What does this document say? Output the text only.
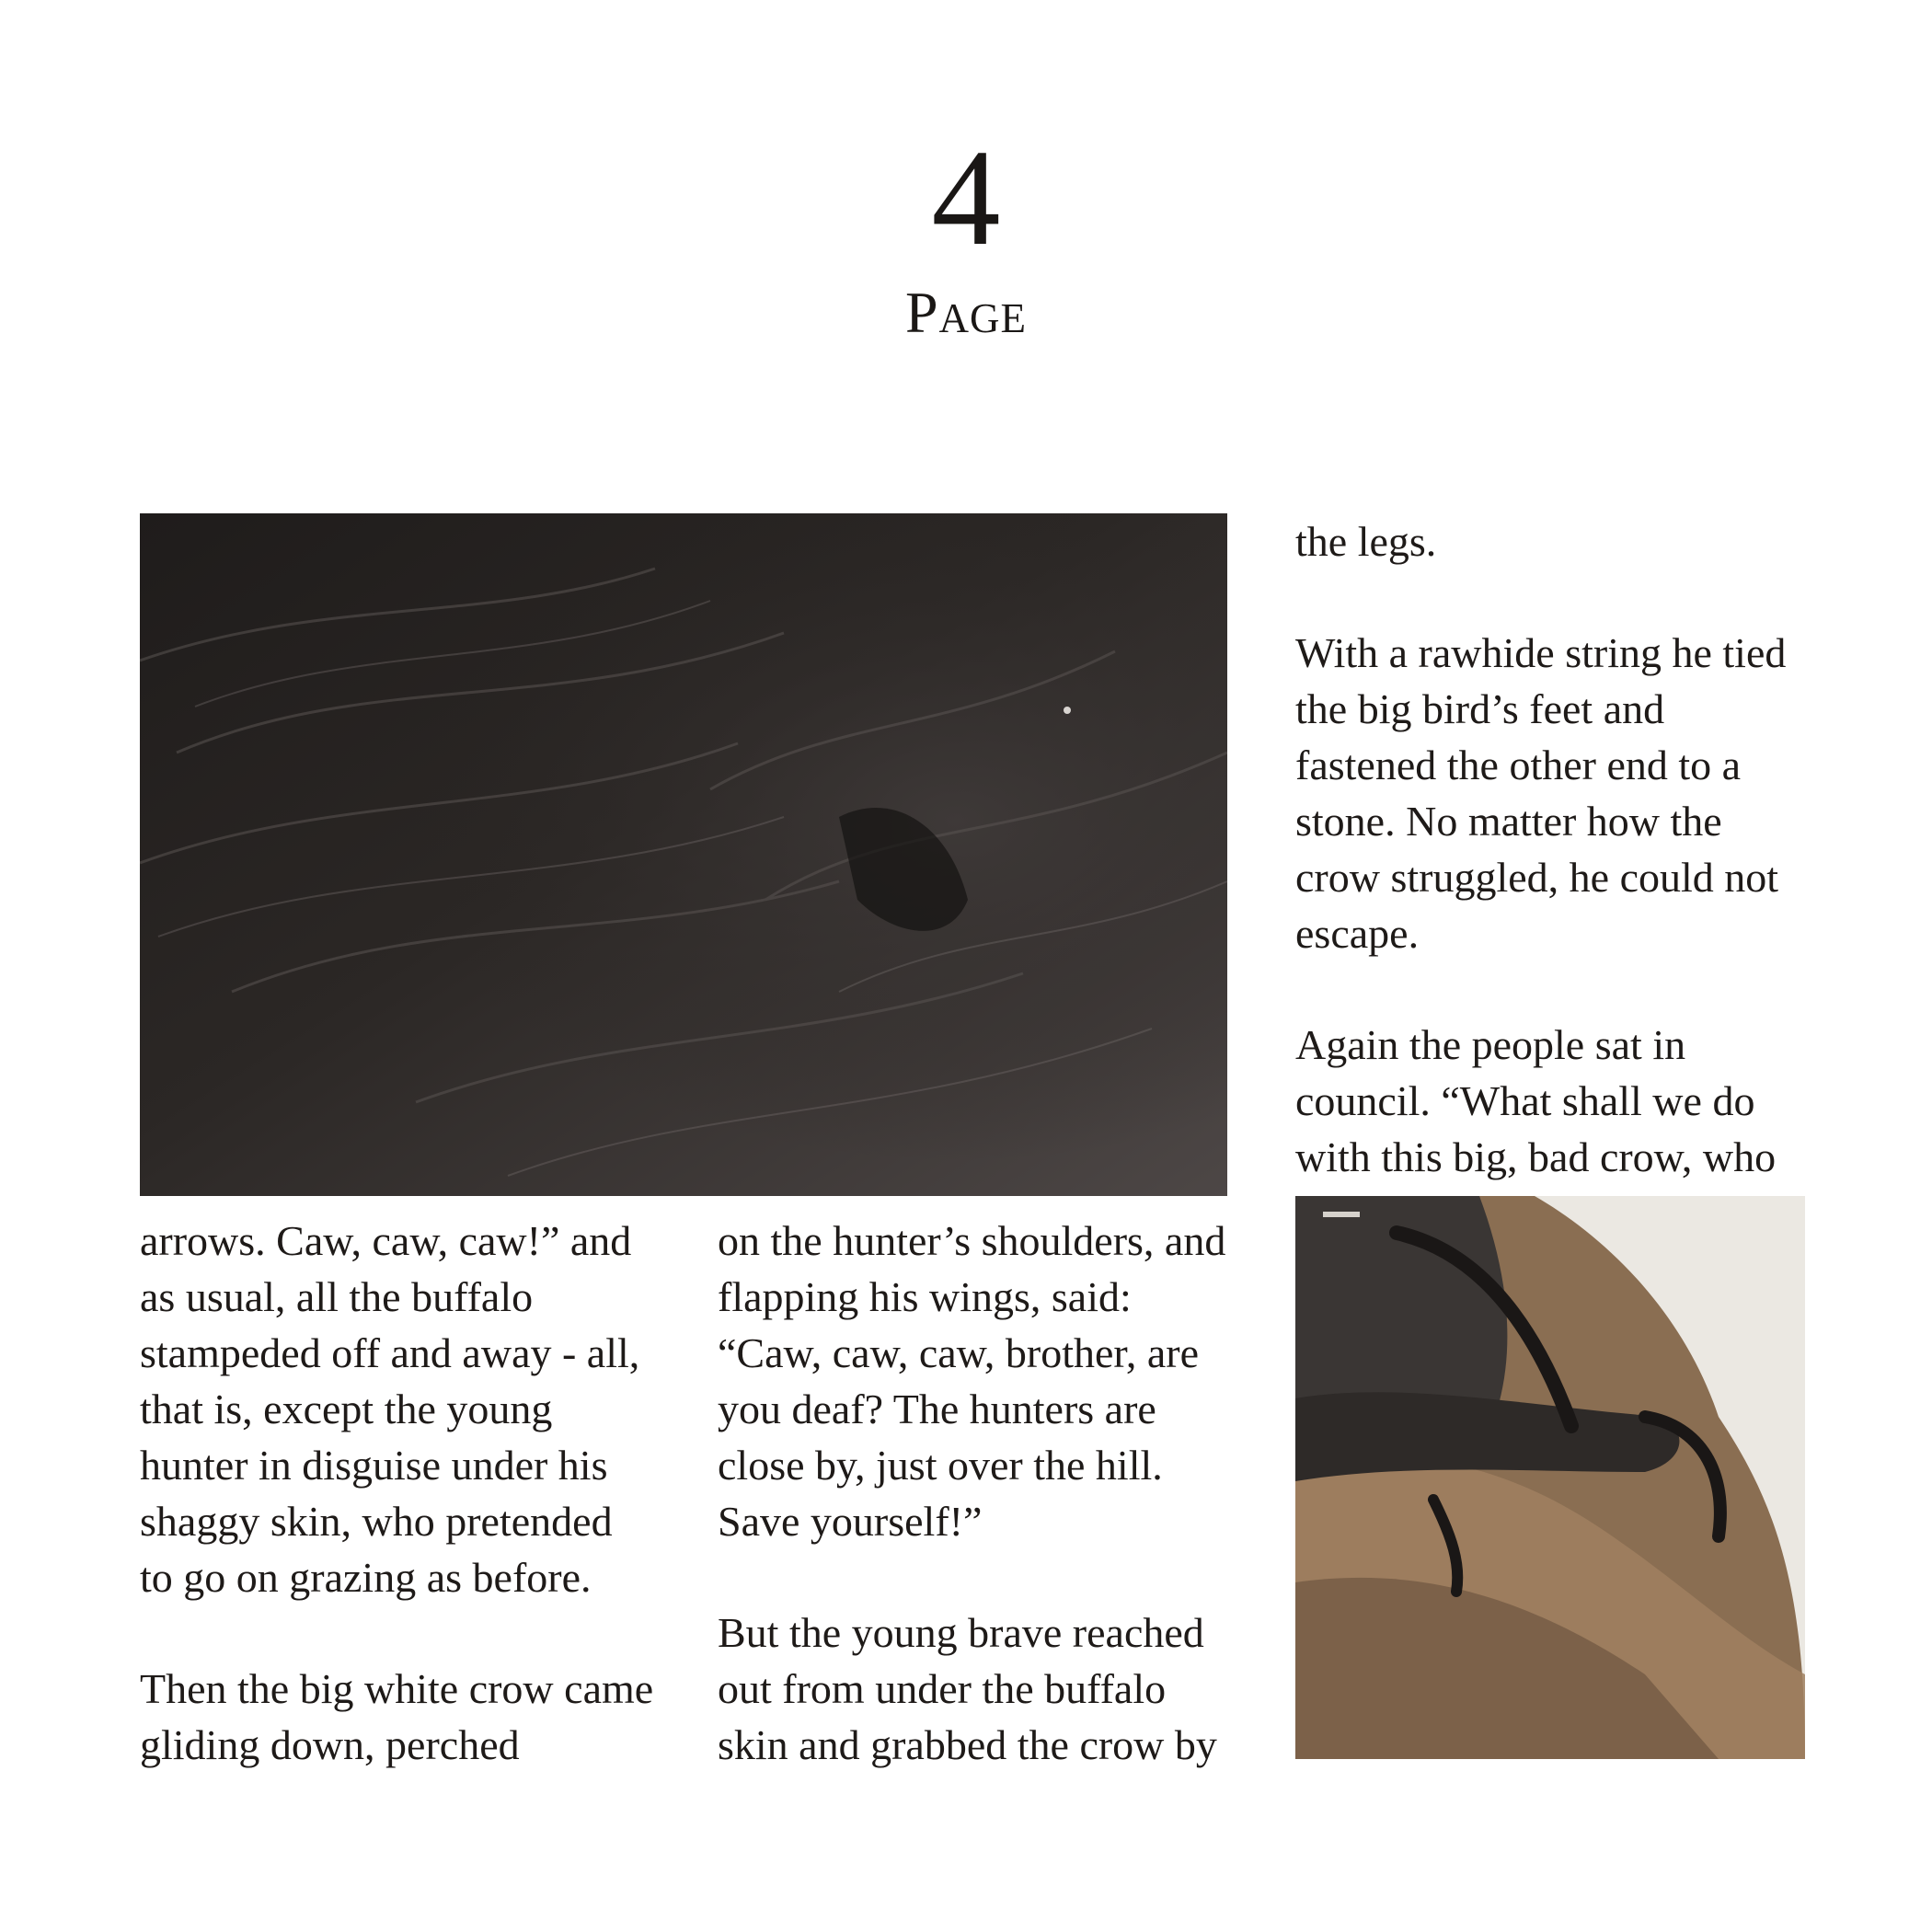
4
Page

arrows. Caw, caw, caw!” and as usual, all the buffalo stampeded off and away - all, that is, except the young hunter in disguise under his shaggy skin, who pretended to go on grazing as before.

Then the big white crow came gliding down, perched

on the hunter’s shoulders, and flapping his wings, said: “Caw, caw, caw, brother, are you deaf? The hunters are close by, just over the hill. Save yourself!”

But the young brave reached out from under the buffalo skin and grabbed the crow by

the legs.

With a rawhide string he tied the big bird’s feet and fastened the other end to a stone. No matter how the crow struggled, he could not escape.

Again the people sat in council. “What shall we do with this big, bad crow, who
